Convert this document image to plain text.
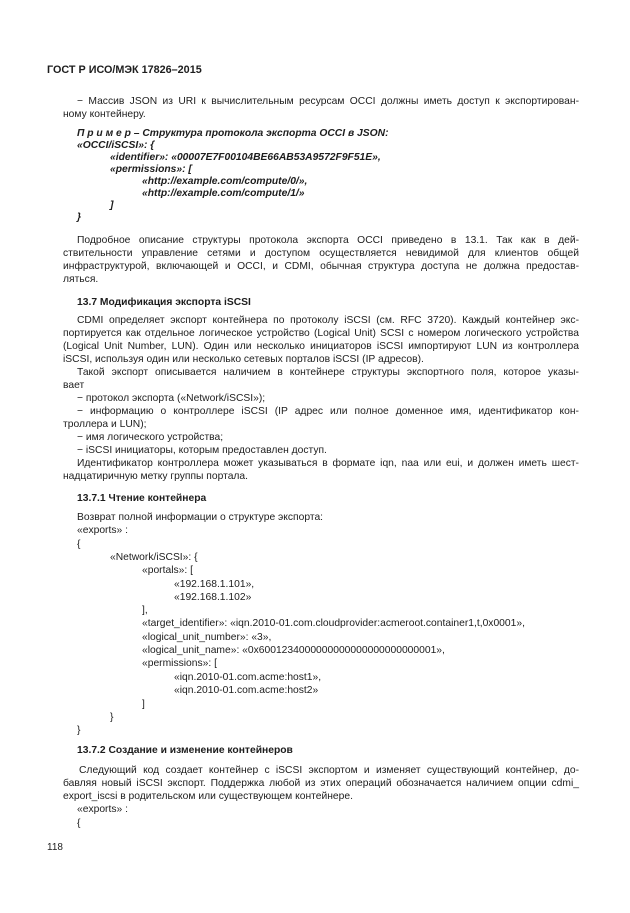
ГОСТ Р ИСО/МЭК 17826–2015
− Массив JSON из URI к вычислительным ресурсам OCCI должны иметь доступ к экспортирован-
ному контейнеру.
П р и м е р – Структура протокола экспорта OCCI в JSON:
«OCCI/iSCSI»: {
«identifier»: «00007E7F00104BE66AB53A9572F9F51E»,
«permissions»: [
«http://example.com/compute/0/»,
«http://example.com/compute/1/»
]
}
Подробное описание структуры протокола экспорта OCCI приведено в 13.1. Так как в дей-
ствительности управление сетями и доступом осуществляется невидимой для клиентов общей
инфраструктурой, включающей и OCCI, и CDMI, обычная структура доступа не должна предостав-
ляться.
13.7 Модификация экспорта iSCSI
CDMI определяет экспорт контейнера по протоколу iSCSI (см. RFC 3720). Каждый контейнер экс-
портируется как отдельное логическое устройство (Logical Unit) SCSI с номером логического устройства
(Logical Unit Number, LUN). Один или несколько инициаторов iSCSI импортируют LUN из контроллера
iSCSI, используя один или несколько сетевых порталов iSCSI (IP адресов).
Такой экспорт описывается наличием в контейнере структуры экспортного поля, которое указы-
вает
− протокол экспорта («Network/iSCSI»);
− информацию о контроллере iSCSI (IP адрес или полное доменное имя, идентификатор кон-
троллера и LUN);
− имя логического устройства;
− iSCSI инициаторы, которым предоставлен доступ.
Идентификатор контроллера может указываться в формате iqn, naa или eui, и должен иметь шест-
надцатиричную метку группы портала.
13.7.1 Чтение контейнера
Возврат полной информации о структуре экспорта:
«exports» :
{
«Network/iSCSI»: {
«portals»: [
«192.168.1.101»,
«192.168.1.102»
],
«target_identifier»: «iqn.2010-01.com.cloudprovider:acmeroot.container1,t,0x0001»,
«logical_unit_number»: «3»,
«logical_unit_name»: «0x6001234000000000000000000000001»,
«permissions»: [
«iqn.2010-01.com.acme:host1»,
«iqn.2010-01.com.acme:host2»
]
}
}
13.7.2 Создание и изменение контейнеров
Следующий код создает контейнер с iSCSI экспортом и изменяет существующий контейнер, до-
бавляя новый iSCSI экспорт. Поддержка любой из этих операций обозначается наличием опции cdmi_
export_iscsi в родительском или существующем контейнере.
«exports» :
{
118
